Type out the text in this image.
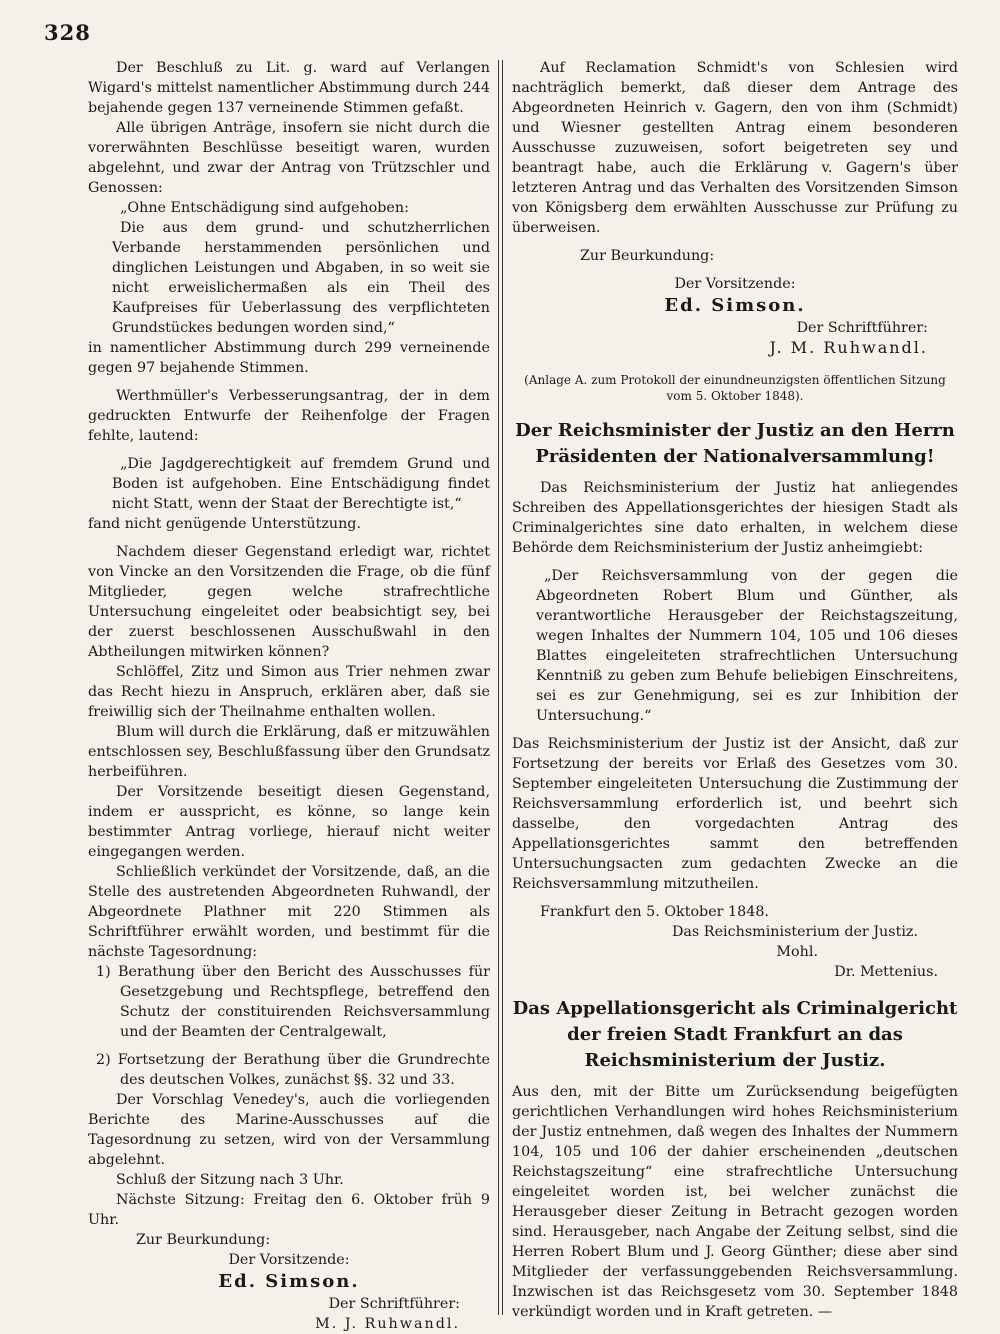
328

Der Beschluß zu Lit. g. ward auf Verlangen Wigard's mittelst namentlicher Abstimmung durch 244 bejahende gegen 137 verneinende Stimmen gefaßt.

Alle übrigen Anträge, insofern sie nicht durch die vorerwähnten Beschlüsse beseitigt waren, wurden abgelehnt, und zwar der Antrag von Trützschler und Genossen:

„Ohne Entschädigung sind aufgehoben:

Die aus dem grund- und schutzherrlichen Verbande herstammenden persönlichen und dinglichen Leistungen und Abgaben, in so weit sie nicht erweislichermaßen als ein Theil des Kaufpreises für Ueberlassung des verpflichteten Grundstückes bedungen worden sind,“

in namentlicher Abstimmung durch 299 verneinende gegen 97 bejahende Stimmen.

Werthmüller's Verbesserungsantrag, der in dem gedruckten Entwurfe der Reihenfolge der Fragen fehlte, lautend:

„Die Jagdgerechtigkeit auf fremdem Grund und Boden ist aufgehoben. Eine Entschädigung findet nicht Statt, wenn der Staat der Berechtigte ist,“

fand nicht genügende Unterstützung.

Nachdem dieser Gegenstand erledigt war, richtet von Vincke an den Vorsitzenden die Frage, ob die fünf Mitglieder, gegen welche strafrechtliche Untersuchung eingeleitet oder beabsichtigt sey, bei der zuerst beschlossenen Ausschußwahl in den Abtheilungen mitwirken können?

Schlöffel, Zitz und Simon aus Trier nehmen zwar das Recht hiezu in Anspruch, erklären aber, daß sie freiwillig sich der Theilnahme enthalten wollen.

Blum will durch die Erklärung, daß er mitzuwählen entschlossen sey, Beschlußfassung über den Grundsatz herbeiführen.

Der Vorsitzende beseitigt diesen Gegenstand, indem er ausspricht, es könne, so lange kein bestimmter Antrag vorliege, hierauf nicht weiter eingegangen werden.

Schließlich verkündet der Vorsitzende, daß, an die Stelle des austretenden Abgeordneten Ruhwandl, der Abgeordnete Plathner mit 220 Stimmen als Schriftführer erwählt worden, und bestimmt für die nächste Tagesordnung:

1) Berathung über den Bericht des Ausschusses für Gesetzgebung und Rechtspflege, betreffend den Schutz der constituirenden Reichsversammlung und der Beamten der Centralgewalt,

2) Fortsetzung der Berathung über die Grundrechte des deutschen Volkes, zunächst §§. 32 und 33.

Der Vorschlag Venedey's, auch die vorliegenden Berichte des Marine-Ausschusses auf die Tagesordnung zu setzen, wird von der Versammlung abgelehnt.

Schluß der Sitzung nach 3 Uhr.

Nächste Sitzung: Freitag den 6. Oktober früh 9 Uhr.

Zur Beurkundung:

Der Vorsitzende:

Ed. Simson.

Der Schriftführer:

M. J. Ruhwandl.

Auf Reclamation Schmidt's von Schlesien wird nachträglich bemerkt, daß dieser dem Antrage des Abgeordneten Heinrich v. Gagern, den von ihm (Schmidt) und Wiesner gestellten Antrag einem besonderen Ausschusse zuzuweisen, sofort beigetreten sey und beantragt habe, auch die Erklärung v. Gagern's über letzteren Antrag und das Verhalten des Vorsitzenden Simson von Königsberg dem erwählten Ausschusse zur Prüfung zu überweisen.

Zur Beurkundung:

Der Vorsitzende:

Ed. Simson.

Der Schriftführer:

J. M. Ruhwandl.

(Anlage A. zum Protokoll der einundneunzigsten öffentlichen Sitzung vom 5. Oktober 1848).

Der Reichsminister der Justiz an den Herrn Präsidenten der Nationalversammlung!

Das Reichsministerium der Justiz hat anliegendes Schreiben des Appellationsgerichtes der hiesigen Stadt als Criminalgerichtes sine dato erhalten, in welchem diese Behörde dem Reichsministerium der Justiz anheimgiebt:

„Der Reichsversammlung von der gegen die Abgeordneten Robert Blum und Günther, als verantwortliche Herausgeber der Reichstagszeitung, wegen Inhaltes der Nummern 104, 105 und 106 dieses Blattes eingeleiteten strafrechtlichen Untersuchung Kenntniß zu geben zum Behufe beliebigen Einschreitens, sei es zur Genehmigung, sei es zur Inhibition der Untersuchung.“

Das Reichsministerium der Justiz ist der Ansicht, daß zur Fortsetzung der bereits vor Erlaß des Gesetzes vom 30. September eingeleiteten Untersuchung die Zustimmung der Reichsversammlung erforderlich ist, und beehrt sich dasselbe, den vorgedachten Antrag des Appellationsgerichtes sammt den betreffenden Untersuchungsacten zum gedachten Zwecke an die Reichsversammlung mitzutheilen.

Frankfurt den 5. Oktober 1848.

Das Reichsministerium der Justiz.

Mohl.

Dr. Mettenius.

Das Appellationsgericht als Criminalgericht der freien Stadt Frankfurt an das Reichsministerium der Justiz.

Aus den, mit der Bitte um Zurücksendung beigefügten gerichtlichen Verhandlungen wird hohes Reichsministerium der Justiz entnehmen, daß wegen des Inhaltes der Nummern 104, 105 und 106 der dahier erscheinenden „deutschen Reichstagszeitung“ eine strafrechtliche Untersuchung eingeleitet worden ist, bei welcher zunächst die Herausgeber dieser Zeitung in Betracht gezogen worden sind. Herausgeber, nach Angabe der Zeitung selbst, sind die Herren Robert Blum und J. Georg Günther; diese aber sind Mitglieder der verfassunggebenden Reichsversammlung. Inzwischen ist das Reichsgesetz vom 30. September 1848 verkündigt worden und in Kraft getreten. —
